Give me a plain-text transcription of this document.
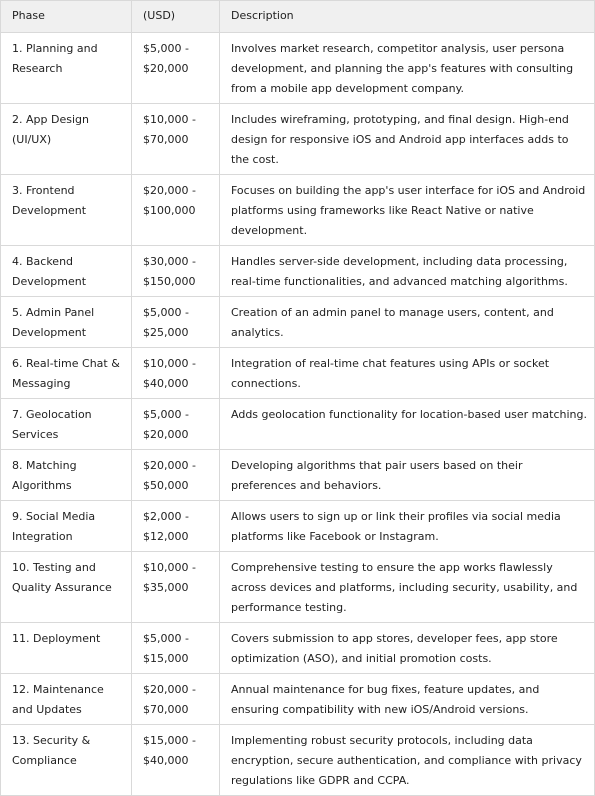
Phase	(USD)	Description
1. Planning and Research	$5,000 - $20,000	Involves market research, competitor analysis, user persona development, and planning the app's features with consulting from a mobile app development company.
2. App Design (UI/UX)	$10,000 - $70,000	Includes wireframing, prototyping, and final design. High-end design for responsive iOS and Android app interfaces adds to the cost.
3. Frontend Development	$20,000 - $100,000	Focuses on building the app's user interface for iOS and Android platforms using frameworks like React Native or native development.
4. Backend Development	$30,000 - $150,000	Handles server-side development, including data processing, real-time functionalities, and advanced matching algorithms.
5. Admin Panel Development	$5,000 - $25,000	Creation of an admin panel to manage users, content, and analytics.
6. Real-time Chat & Messaging	$10,000 - $40,000	Integration of real-time chat features using APIs or socket connections.
7. Geolocation Services	$5,000 - $20,000	Adds geolocation functionality for location-based user matching.
8. Matching Algorithms	$20,000 - $50,000	Developing algorithms that pair users based on their preferences and behaviors.
9. Social Media Integration	$2,000 - $12,000	Allows users to sign up or link their profiles via social media platforms like Facebook or Instagram.
10. Testing and Quality Assurance	$10,000 - $35,000	Comprehensive testing to ensure the app works flawlessly across devices and platforms, including security, usability, and performance testing.
11. Deployment	$5,000 - $15,000	Covers submission to app stores, developer fees, app store optimization (ASO), and initial promotion costs.
12. Maintenance and Updates	$20,000 - $70,000	Annual maintenance for bug fixes, feature updates, and ensuring compatibility with new iOS/Android versions.
13. Security & Compliance	$15,000 - $40,000	Implementing robust security protocols, including data encryption, secure authentication, and compliance with privacy regulations like GDPR and CCPA.
